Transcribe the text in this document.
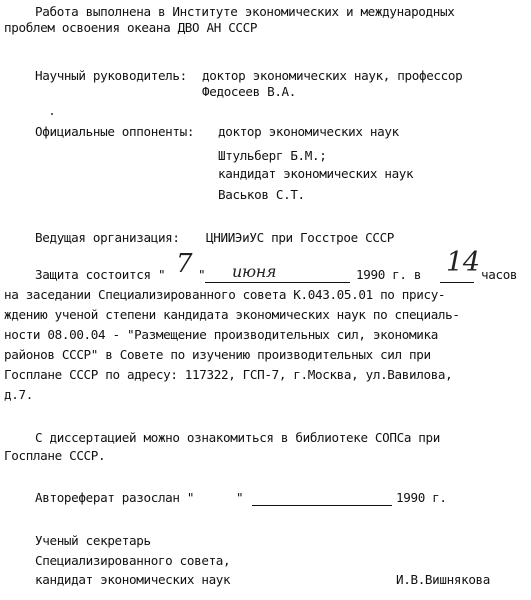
Работа выполнена в Институте экономических и международных
проблем освоения океана ДВО АН СССР
Научный руководитель: доктор экономических наук, профессор
Федосеев В.А.
Официальные оппоненты: доктор экономических наук
Штульберг Б.М.;
кандидат экономических наук
Васьков С.Т.
Ведущая организация: ЦНИИЭиУС при Госстрое СССР
Защита состоится " 7 " июня	1990 г. в 14 часов
на заседании Специализированного совета К.043.05.01 по прису-
ждению ученой степени кандидата экономических наук по специаль-
ности 08.00.04 - "Размещение производительных сил, экономика
районов СССР" в Совете по изучению производительных сил при
Госплане СССР по адресу: 117322, ГСП-7, г.Москва, ул.Вавилова,
д.7.
С диссертацией можно ознакомиться в библиотеке СОПСа при
Госплане СССР.
Автореферат разослан "	"	1990 г.
Ученый секретарь
Специализированного совета,
кандидат экономических наук	И.В.Вишнякова
